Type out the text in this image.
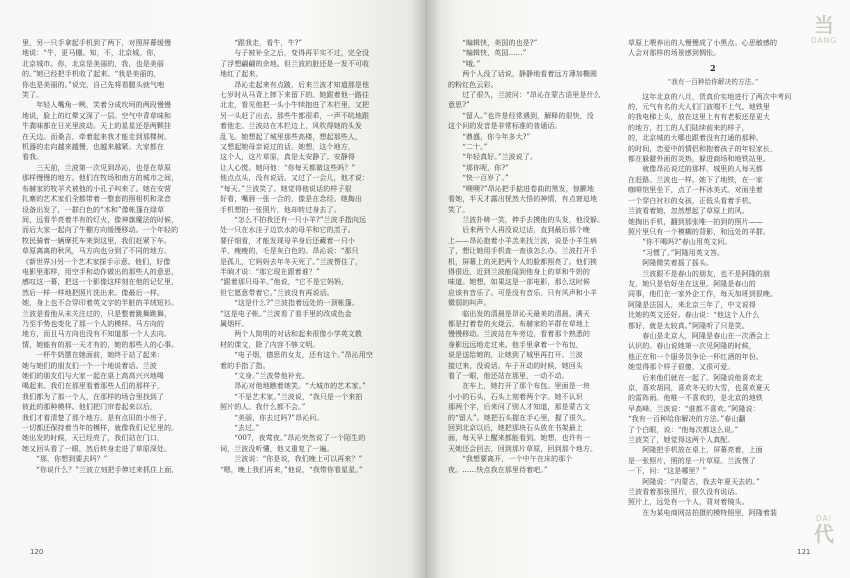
里，另一只手拿起手机到了两下，对照屏幕缓慢
地说：“牛，更马棚。知，不，北京城。你，
北京城市。你，北京是美丽的，我，也是美丽
的。”她已经把手机收了起来。“我是美丽的，
你也是美丽的。”说完，自己先将看腿头就气咆
笑了。
　　年轻人嘴角一咧，笑着分成坎坷的两段慢慢
地说，脸上的红晕又深了一层。空气中青草味和
牛粪味都在日光里波动。天上的星星还是两颗挂
在天边。而桑吉，牵着起来我才能走到那棵树。
机器的走向越来越慢，也越来越紧。大家都在
看我。
　　三天前，兰波第一次见到昂沁，也是在草原
那样慢慢的地方。他们在牧场和南方的城市之间，
布赫家的牧羊犬被他的小孔子叫来了。她在安营
扎寨的艺术家们全都带着一整套的照相机和录音
设备出发了，一群白色的“木和”像帐篷在绿草
间，远看半亮着半有的灯火，像神旗魔法的时候，
而后大家一起向了牛棚方向缓慢移动。一个年轻的
牧民骑着一辆摩托车来到这里，我们赶紧下车。
草原离离的秋风，马方向也分到了不同的地方。
《新世界》)另一个艺术家探手示意。他们，好像
电影里那样，用空手和动作做出的那些人的意思，
感叹这一幕，把这一个影像这样刻在他的记忆里，
然后一样一样地把照片洗出来。像最后一样。
她，身上也不合穿印着英文字的半脏的羊绒短衫。
兰波是看他从未关注过的，只是整着跳舞跳舞，
乃至手势也变化了那一个人的模样。马方向的
地方，而且马方向也没有不知道那一个人去向。
情，她能有的那一天才有的，她的那些人的心事。
　　一杯牛奶摆在她面前，她终于站了起来：
她与她们的朋友们一个一个地说着话。兰波
她们的朋友们与大家一起在桌上高高兴兴地喝
喝起来。我们在那里看着那些人们的那样子，
我们都为了那一个人，在那样的场合里找到了
彼此的那种模样。他们把门帘卷起来以后，
我们才看清楚了那个地方。是有点旧的小房子，
一切都还保持着当年的模样，就像我们记忆里的。
她出发的时候，天已经亮了，我们站在门口，
她又回头看了一眼，然后转身走进了草原深处。
　　“那，你想到要去吗？”
　　“你说什么？”兰波立刻把手伸过来抓住上面，
　　“跟我走，看牛，牛?”
　　与子被补全之后，变得再平实不过，完全没
了浮想翩翩的余地。但兰波的脏还是一发不可收
地红了起来。
　　昂沁走起来有点跛，后来兰波才知道那是他
七岁时从马背上摔下来留下的。她跟着他一路往
北走，看见他把一头小牛犊抱进了木栏里，又把
另一头赶了出去。那些牛都很乖，一声不吭地跟
着他走。兰波站在木栏边上，风吹得她的头发
乱飞。她想起了城里那些高楼，想起那些人，
又想起她母亲说过的话。她想，这个地方，
这个人，这片草原，真是太安静了。安静得
让人心慌。她问他：“你每天都做这些吗？”
他点点头，没有说话。又过了一会儿，他才说：
“每天。”兰波笑了。她觉得他说话的样子很
好看，嘴唇一张一合的，像是在念经。她掏出
手机想拍一张照片，他却转过身去了。
　　“怎么不拍我还有一只小羊?”兰波手指向远
处一只在水洼子边饮水的母羊和它的羔子。
要仔细看，才能发现母羊身后还藏着一只小
羊，瘦瘦的，毛是灰白色的。昂沁说：“那只
是孤儿，它妈妈去年冬天死了。”兰波愣住了，
半晌才说：“那它现在跟着谁？”
“跟着那只母羊。”他说，“它不是它妈妈，
但它愿意带着它。”兰波没有再说话。
　　“这是什么?”兰波指着远处的一顶帐篷。
“这是电子帐。”兰波看了看手里的改成色金
属烟杆。
　　两个人简明的对话和起来很像小学英文教
材的课文，除了内容不够文明。
　　“电子烟，德思的女友，还有这个。”昂沁用空
着的手指了指。
　　“文身。”兰波带他补充。
　　昂沁对他地瞧着她笑。“大城市的艺术家。”
　　“不是艺术家。”兰波说，“我只是一个来拍
照片的人。我什么都不会。”
　　“美丽，你去过吗?”昂沁问。
　　“去过。”
　　“007，夜莺夜。”昂沁突然说了一个陌生的
词，兰波没听懂，他又重复了一遍。
　　兰波说：“你是说，我们晚上可以再来？”
“嗯，晚上我们再来，”他说，“我带你看星星。”
120
　　“编辑快，美国的也是?”
　　“编辑快，英国……”
　　“哦。”
　　两个人没了话说，静静地看着远方薄加椭圆
的粉红色云彩。
　　过了很久，兰波问：“昂沁在蒙古语里是什么
意思?”
　　“留人。”也许是经常遇到，解释的很快，没
这个问的发音是非常标准的普通话。
　　“鼎盛，你今年多大?”
　　“二十。”
　　“年轻真好。”兰波说了。
　　“那你呢，你?”
　　“快一百岁了。”
　　“噢噢?”昂沁把手掂进卷曲的黑发，惊颤地
看她，半天才露出恍然大悟的神情，有点窘迫地
笑了。
　　兰波扑哧一笑，伸手去摸他的头发，他没躲。
　　后来两个人再没说过话，直到最后那个晚
上——昂沁抱着小羊羔来找兰波，说是小羊生病
了，想让她用手机查一查该怎么办。兰波打开手
机，屏幕上的光把两个人的脸都照亮了。他们挨
得很近，近到兰波能闻到他身上的草和牛奶的
味道。她想，如果这是一部电影，那么这时候
应该有音乐了。可是没有音乐，只有风声和小羊
微弱的叫声。
　　临出发的清晨是昂沁天最美的清晨。满天
都是打着卷的火烧云，布赫家的羊群在草地上
慢慢移动。兰波站在车旁边，看着那个熟悉的
身影远远地走过来。他手里拿着一个布包，
说是送给她的，让她到了城里再打开。兰波
接过来，没说话。车子开动的时候，她回头
看了一眼，他还站在那里，一动不动。
　　在车上，她打开了那个布包。里面是一块
小小的石头，石头上刻着两个字。她不认识
那两个字，后来问了别人才知道，那是蒙古文
的“留人”。她把石头握在手心里，握了很久。
回到北京以后，她把那块石头放在书架最上
面，每天早上醒来都能看到。她想，也许有一
天她还会回去，回到那片草原，回到那个地方。
　　“我想要离开，一个中午在床的那个
夜。……快点我在那里待着吧。”
草原上喂养出的人慢慢成了小黑点。心思敏感的
人会对那样的场景感到惆怅。
2
“我有一百种给你解决的方法。”
　　这年北京的八月，货真价实地进行了两次中考问
的，元气有名的大人们门波喘不上气。地铁里
的我电梯上头，放在这里上有有老板还是更大
的地方，打工的人们陆续前来的样子，
的，北京城的大哪也跟着没有打通的那种。
的时间，恋爱中的情侣和抱着孩子的年轻家长，
都在躲避外面的炎热，躲进商场和地铁站里。
　　就像昂沁说过的那样，城里的人每天都
在赶路。兰波也一样。她下了地铁，在一家
咖啡馆里坐下，点了一杯冰美式。对面坐着
一个穿白衬衫的女孩，正低头看着手机。
兰波看着她，忽然想起了草原上的风。
她掏出手机，翻到那张唯一拍到的照片——
照片里只有一个模糊的背影，和远处的羊群。
　　“你不喝吗?”春山用英文问。
　　“习惯了。”阿隆用英文答。
　　阿隆微笑着摇了摇头。
　　兰波跟不是春山的朋友，也不是阿隆的朋
友，她只是恰好坐在这里。阿隆是春山的
同事，他们在一家外企工作，每天加班到很晚。
阿隆是法国人，来北京三年了，中文说得
比她的英文还好。春山说：“他这个人什么
都好，就是太较真。”阿隆听了只是笑。
　　春山是北京人，阿隆是春山在一次酒会上
认识的。春山说她第一次见阿隆的时候，
他正在和一个服务员争论一杯红酒的年份。
她觉得那个样子很傻，又很可爱。
　　后来他们就在一起了。阿隆说他喜欢北
京，喜欢胡同，喜欢冬天的大雪，也喜欢夏天
的雷阵雨。他唯一不喜欢的，是北京的地铁
早高峰。兰波说：“谁都不喜欢。”阿隆说：
“我有一百种给你解决的方法。”春山翻
了个白眼，说：“他每次都这么说。”
兰波笑了，她觉得这两个人真配。
　　阿隆把手机放在桌上，屏幕亮着，上面
是一张照片，照的是一片草原。兰波愣了
一下，问：“这是哪里？”
　　阿隆说：“内蒙古，我去年夏天去的。”
兰波看着那张照片，很久没有说话。
照片上，远处有一个人，背对着镜头。
　　在为某电商网站拍摄的模特照里，阿隆着装
121
当
DANG
DAI
代
